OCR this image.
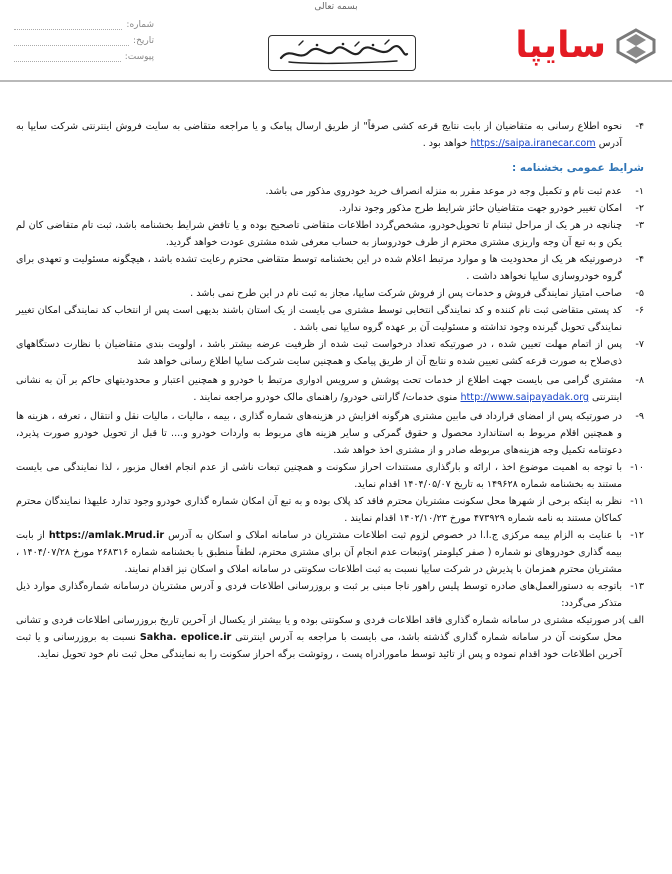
بسمه تعالی
شماره:
تاریخ:
پیوست:	سایپا

۴-
نحوه اطلاع رسانی به متقاضیان از بابت نتایج قرعه کشی صرفاً" از طریق ارسال پیامک و یا مراجعه متقاضی به سایت فروش اینترنتی شرکت سایپا به آدرس https://saipa.iranecar.com خواهد بود .

شرایط عمومی بخشنامه :

۱-
عدم ثبت نام و تکمیل وجه در موعد مقرر به منزله انصراف خرید خودروی مذکور می باشد.

۲-
امکان تغییر خودرو جهت متقاضیان حائز شرایط طرح مذکور وجود ندارد.

۳-
چنانچه در هر یک از مراحل ثبتنام تا تحویل‌خودرو، مشخص‌گردد اطلاعات متقاضی تاصحیح بوده و یا تافض شرایط بخشنامه باشد، ثبت تام متقاضی کان لم یکن و به تبع آن وجه واریزی مشتری محترم از طرف خودروساز به حساب معرفی شده مشتری عودت خواهد گردید.

۴-
درصورتیکه هر یک از محدودیت ها و موارد مرتبط اعلام شده در این بخشنامه توسط متقاضی محترم رعایت تشده باشد ، هیچگونه مسئولیت و تعهدی برای گروه خودروسازی سایپا نخواهد داشت .

۵-
صاحب امتیاز نمایندگی فروش و خدمات پس از فروش شرکت سایپا، مجاز به ثبت نام در این طرح نمی باشد .

۶-
کد پستی متقاضی ثبت نام کننده و کد نمایندگی انتخابی توسط مشتری می بایست از یک استان باشند بدیهی است پس از انتخاب کد نمایندگی امکان تغییر نمایندگی تحویل گیرنده وجود تداشته و مسئولیت آن بر عهده گروه سایپا نمی باشد .

۷-
پس از اتمام مهلت تعیین شده ، در صورتیکه تعداد درخواست ثبت شده از ظرفیت عرضه بیشتر باشد ، اولویت بندی متقاضیان با نظارت دستگاههای ذی‌صلاح به صورت قرعه کشی تعیین شده و نتایج آن از طریق پیامک و همچنین سایت شرکت سایپا اطلاع رسانی خواهد شد

۸-
مشتری گرامی می بایست جهت اطلاع از خدمات تحت پوشش و سرویس ادواری مرتبط با خودرو و همچنین اعتبار و محدودیتهای حاکم بر آن به نشانی اینترنتی http://www.saipayadak.org منوی خدمات/ گارانتی خودرو/ راهنمای مالک خودرو مراجعه نمایند .

۹-
در صورتیکه پس از امضای قرارداد فی مابین مشتری هرگونه افزایش در هزینه‌های شماره گذاری ، بیمه ، مالیات ، مالیات نقل و انتقال ، تعرفه ، هزینه ها و همچنین اقلام مربوط به استاندارد محصول و حقوق گمرکی و سایر هزینه های مربوط به واردات خودرو و.... تا قبل از تحویل خودرو صورت پذیرد، دعوتنامه تکمیل وجه هزینه‌های مربوطه صادر و از مشتری اخذ خواهد شد.

۱۰-
با توجه به اهمیت موضوع اخذ ، ارائه و بارگذاری مستندات احراز سکونت و همچنین تبعات ناشی از عدم انجام افعال مزبور ، لذا نمایندگی می بایست مستند به بخشنامه شماره ۱۴۹۶۲۸ به تاریخ ۱۴۰۴/۰۵/۰۷ اقدام نماید.

۱۱-
نظر به اینکه برخی از شهرها محل سکونت مشتریان محترم فاقد کد پلاک بوده و به تبع آن امکان شماره گذاری خودرو وجود تدارد علیهذا نمایندگان محترم کماکان مستند به نامه شماره ۴۷۳۹۲۹ مورخ ۱۴۰۲/۱۰/۲۳ اقدام نمایند .

۱۲-
با عنایت به الزام بیمه مرکزی ج.ا.ا در خصوص لزوم ثبت اطلاعات مشتریان در سامانه املاک و اسکان به آدرس https://amlak.Mrud.ir از بابت بیمه گذاری خودروهای نو شماره ( صفر کیلومتر )وتبعات عدم انجام آن برای مشتری محترم، لطفاً منطبق با بخشنامه شماره ۲۶۸۳۱۶ مورخ ۱۴۰۴/۰۷/۲۸ ، مشتریان محترم همزمان با پذیرش در شرکت سایپا نسبت به ثبت اطلاعات سکونتی در سامانه املاک و اسکان نیز اقدام نمایند.

۱۳-
باتوجه به دستورالعمل‌های صادره توسط پلیس راهور ناجا مبنی بر ثبت و بروزرسانی اطلاعات فردی و آدرس مشتریان درسامانه شماره‌گذاری موارد ذیل متذکر می‌گردد:

الف )
در صورتیکه مشتری در سامانه شماره گذاری فاقد اطلاعات فردی و سکونتی بوده و یا بیشتر از یکسال از آخرین تاریخ بروزرسانی اطلاعات فردی و تشانی محل سکونت آن در سامانه شماره گذاری گذشته باشد، می بایست با مراجعه به آدرس اینترنتی Sakha. epolice.ir نسبت به بروزرسانی و یا ثبت آخرین اطلاعات خود اقدام نموده و پس از تائید توسط مامورادراه پست ، روتوشت برگه احراز سکونت را به نمایندگی محل ثبت نام خود تحویل نماید.
